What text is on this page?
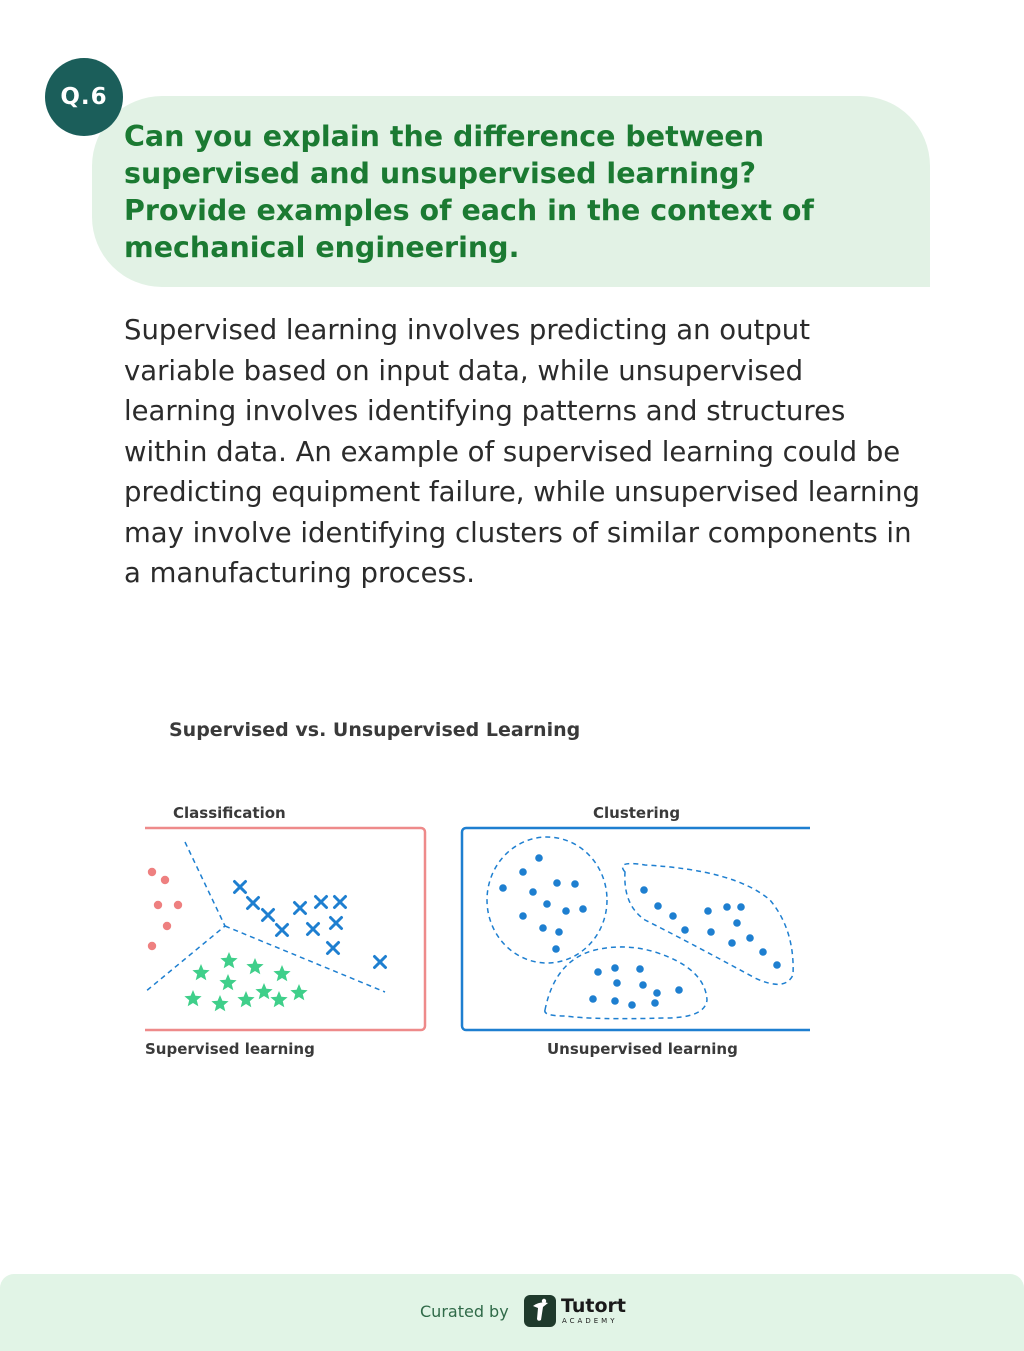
Q.6

Can you explain the difference between supervised and unsupervised learning? Provide examples of each in the context of mechanical engineering.

Supervised learning involves predicting an output variable based on input data, while unsupervised learning involves identifying patterns and structures within data. An example of supervised learning could be predicting equipment failure, while unsupervised learning may involve identifying clusters of similar components in a manufacturing process.

Supervised vs. Unsupervised Learning
Classification	Clustering
Supervised learning	Unsupervised learning
Curated by	Tutort
ACADEMY
